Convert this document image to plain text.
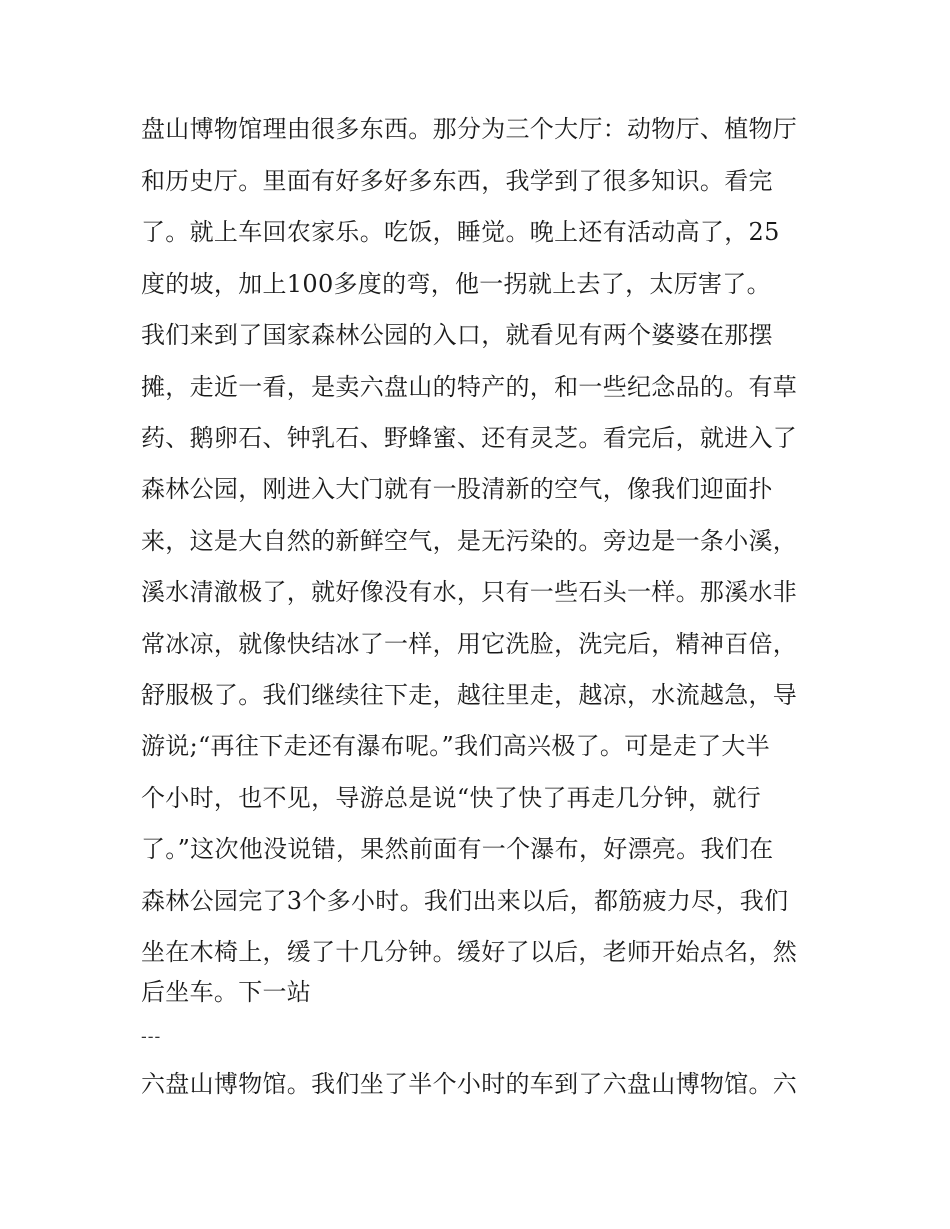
盘山博物馆理由很多东西。那分为三个大厅：动物厅、植物厅
和历史厅。里面有好多好多东西，我学到了很多知识。看完
了。就上车回农家乐。吃饭，睡觉。晚上还有活动高了，25
度的坡，加上100多度的弯，他一拐就上去了，太厉害了。
我们来到了国家森林公园的入口，就看见有两个婆婆在那摆
摊，走近一看，是卖六盘山的特产的，和一些纪念品的。有草
药、鹅卵石、钟乳石、野蜂蜜、还有灵芝。看完后，就进入了
森林公园，刚进入大门就有一股清新的空气，像我们迎面扑
来，这是大自然的新鲜空气，是无污染的。旁边是一条小溪，
溪水清澈极了，就好像没有水，只有一些石头一样。那溪水非
常冰凉，就像快结冰了一样，用它洗脸，洗完后，精神百倍，
舒服极了。我们继续往下走，越往里走，越凉，水流越急，导
游说;“再往下走还有瀑布呢。”我们高兴极了。可是走了大半
个小时，也不见，导游总是说“快了快了再走几分钟，就行
了。”这次他没说错，果然前面有一个瀑布，好漂亮。我们在
森林公园完了3个多小时。我们出来以后，都筋疲力尽，我们
坐在木椅上，缓了十几分钟。缓好了以后，老师开始点名，然
后坐车。下一站
---
六盘山博物馆。我们坐了半个小时的车到了六盘山博物馆。六
